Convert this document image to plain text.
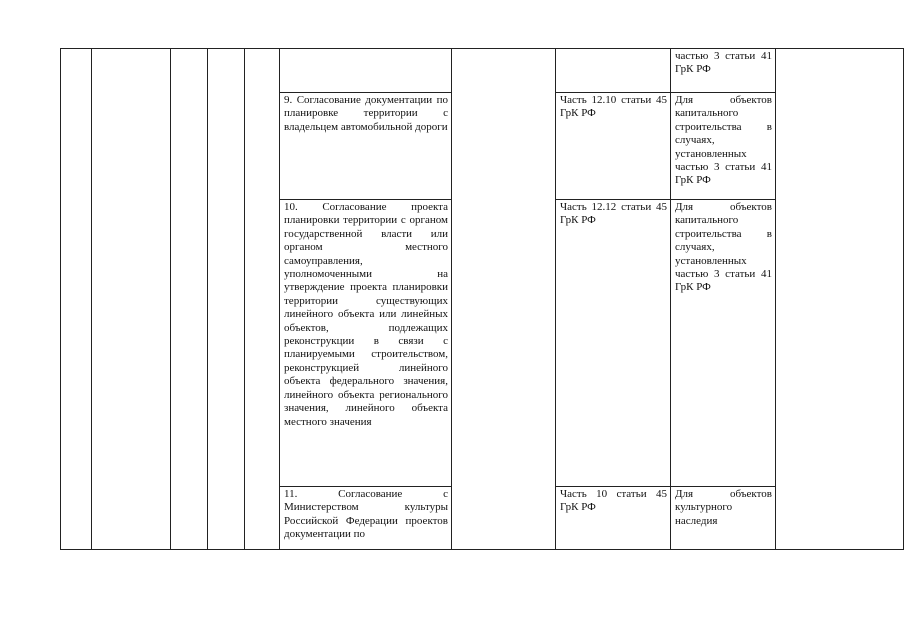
								частью 3 статьи 41 ГрК РФ	
					9. Согласование документации по планировке территории с владельцем автомобильной дороги		Часть 12.10 статьи 45 ГрК РФ	Для объектов капитального строительства в случаях, установленных частью 3 статьи 41 ГрК РФ	
					10. Согласование проекта планировки территории с органом государственной власти или органом местного самоуправления, уполномоченными на утверждение проекта планировки территории существующих линейного объекта или линейных объектов, подлежащих реконструкции в связи с планируемыми строительством, реконструкцией линейного объекта федерального значения, линейного объекта регионального значения, линейного объекта местного значения		Часть 12.12 статьи 45 ГрК РФ	Для объектов капитального строительства в случаях, установленных частью 3 статьи 41 ГрК РФ	
					11. Согласование с Министерством культуры Российской Федерации проектов документации по		Часть 10 статьи 45 ГрК РФ	Для объектов культурного наследия	
